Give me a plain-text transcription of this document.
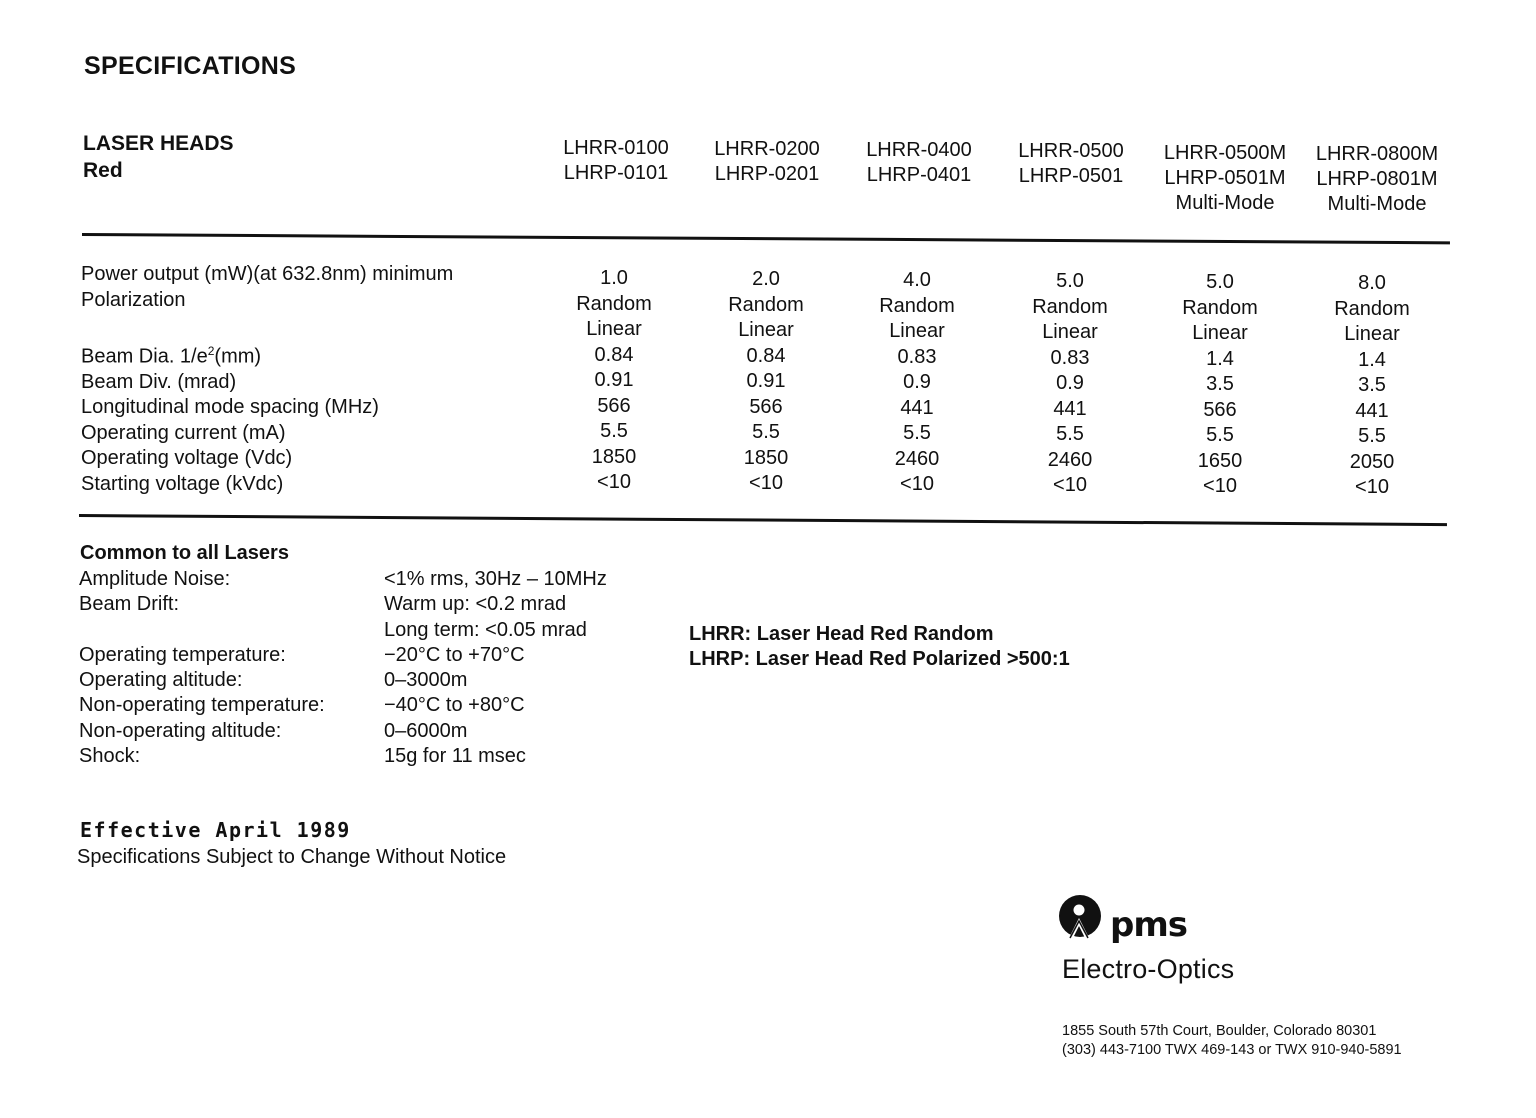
SPECIFICATIONS
LASER HEADS
Red
LHRR-0100
LHRP-0101
LHRR-0200
LHRP-0201
LHRR-0400
LHRP-0401
LHRR-0500
LHRP-0501
LHRR-0500M
LHRP-0501M
Multi-Mode
LHRR-0800M
LHRP-0801M
Multi-Mode
Power output (mW)(at 632.8nm) minimum
Polarization

Beam Dia. $1/e^2(mm)$
Beam Div. (mrad)
Longitudinal mode spacing (MHz)
Operating current (mA)
Operating voltage (Vdc)
Starting voltage (kVdc)
1.0
Random
Linear
0.84
0.91
566
5.5
1850
<10
2.0
Random
Linear
0.84
0.91
566
5.5
1850
<10
4.0
Random
Linear
0.83
0.9
441
5.5
2460
<10
5.0
Random
Linear
0.83
0.9
441
5.5
2460
<10
5.0
Random
Linear
1.4
3.5
566
5.5
1650
<10
8.0
Random
Linear
1.4
3.5
441
5.5
2050
<10
Common to all Lasers
Amplitude Noise:
Beam Drift:
Operating temperature:
Operating altitude:
Non-operating temperature:
Non-operating altitude:
Shock:
<1% rms, 30Hz – 10MHz
Warm up: <0.2 mrad
Long term: <0.05 mrad
−20°C to +70°C
0–3000m
−40°C to +80°C
0–6000m
15g for 11 msec
LHRR: Laser Head Red Random
LHRP: Laser Head Red Polarized >500:1
Effective April 1989
Specifications Subject to Change Without Notice
pms
Electro-Optics
1855 South 57th Court, Boulder, Colorado 80301
(303) 443-7100 TWX 469-143 or TWX 910-940-5891
